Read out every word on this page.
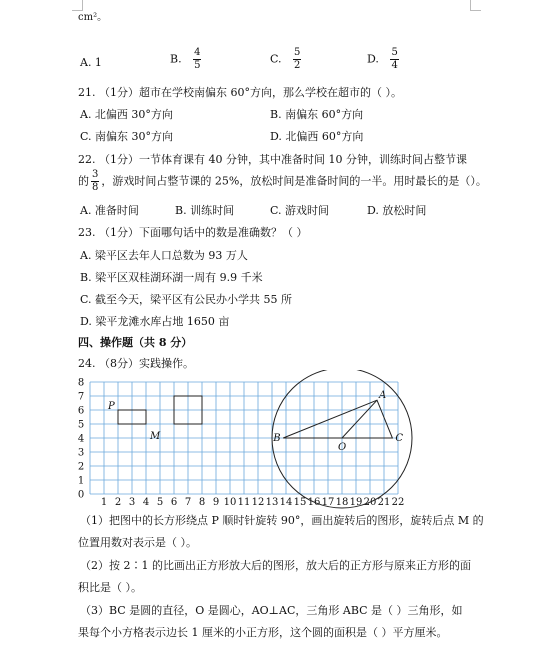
cm²。
A. 1	B. $\frac{4}{5}$	C. $\frac{5}{2}$	D. $\frac{5}{4}$
21. （1分）超市在学校南偏东 60°方向，那么学校在超市的（ ）。
A. 北偏西 30°方向	B. 南偏东 60°方向
C. 南偏东 30°方向	D. 北偏西 60°方向
22. （1分）一节体育课有 40 分钟，其中准备时间 10 分钟，训练时间占整节课
的 $\frac{3}{8}$ ，游戏时间占整节课的 25%，放松时间是准备时间的一半。用时最长的是（）。
A. 准备时间	B. 训练时间	C. 游戏时间	D. 放松时间
23. （1分）下面哪句话中的数是准确数？（ ）
A. 梁平区去年人口总数为 93 万人
B. 梁平区双桂湖环湖一周有 9.9 千米
C. 截至今天，梁平区有公民办小学共 55 所
D. 梁平龙滩水库占地 1650 亩
四、操作题（共 8 分）
24. （8分）实践操作。
1 2 3 4 5 6 7 8 9 10 11 12 13 14 15 16 17 18 19 20 21 22
0
1
2
3
4
5
6
7
8
P
M
A
B	C
O
（1）把图中的长方形绕点 P 顺时针旋转 90°，画出旋转后的图形，旋转后点 M 的
位置用数对表示是（ ）。
（2）按 2∶1 的比画出正方形放大后的图形，放大后的正方形与原来正方形的面
积比是（ ）。
（3）BC 是圆的直径，O 是圆心，AO⊥AC，三角形 ABC 是（ ）三角形，如
果每个小方格表示边长 1 厘米的小正方形，这个圆的面积是（ ）平方厘米。
